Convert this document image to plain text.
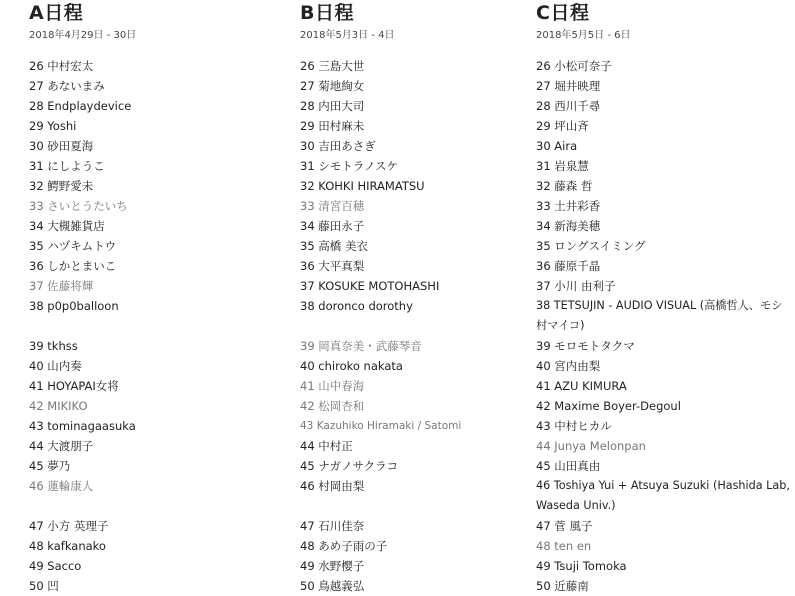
A日程
2018年4月29日 - 30日
26 中村宏太
27 あないまみ
28 Endplaydevice
29 Yoshi
30 砂田夏海
31 にしようこ
32 鰐野愛未
33 さいとうたいち
34 大槻雑貨店
35 ハヅキムトウ
36 しかとまいこ
37 佐藤将輝
38 p0p0balloon
39 tkhss
40 山内奏
41 HOYAPAI女将
42 MIKIKO
43 tominagaasuka
44 大渡朋子
45 夢乃
46 蓮輪康人
47 小方 英理子
48 kafkanako
49 Sacco
50 凹
B日程
2018年5月3日 - 4日
26 三島大世
27 菊地絢女
28 内田大司
29 田村麻未
30 吉田あさぎ
31 シモトラノスケ
32 KOHKI HIRAMATSU
33 清宮百穂
34 藤田永子
35 高橋 美衣
36 大平真梨
37 KOSUKE MOTOHASHI
38 doronco dorothy
39 岡真奈美・武藤琴音
40 chiroko nakata
41 山中春海
42 松岡杏和
43 Kazuhiko Hiramaki / Satomi
44 中村正
45 ナガノサクラコ
46 村岡由梨
47 石川佳奈
48 あめ子雨の子
49 水野樱子
50 鳥越義弘
C日程
2018年5月5日 - 6日
26 小松可奈子
27 堀井映理
28 西川千尋
29 坪山斉
30 Aira
31 岩泉慧
32 藤森 哲
33 土井彩香
34 新海美穂
35 ロングスイミング
36 藤原千晶
37 小川 由利子
38 TETSUJIN - AUDIO VISUAL (高橋哲人、モシ村マイコ)
39 モロモトタクマ
40 宮内由梨
41 AZU KIMURA
42 Maxime Boyer-Degoul
43 中村ヒカル
44 Junya Melonpan
45 山田真由
46 Toshiya Yui + Atsuya Suzuki (Hashida Lab, Waseda Univ.)
47 菅 風子
48 ten en
49 Tsuji Tomoka
50 近藤南
